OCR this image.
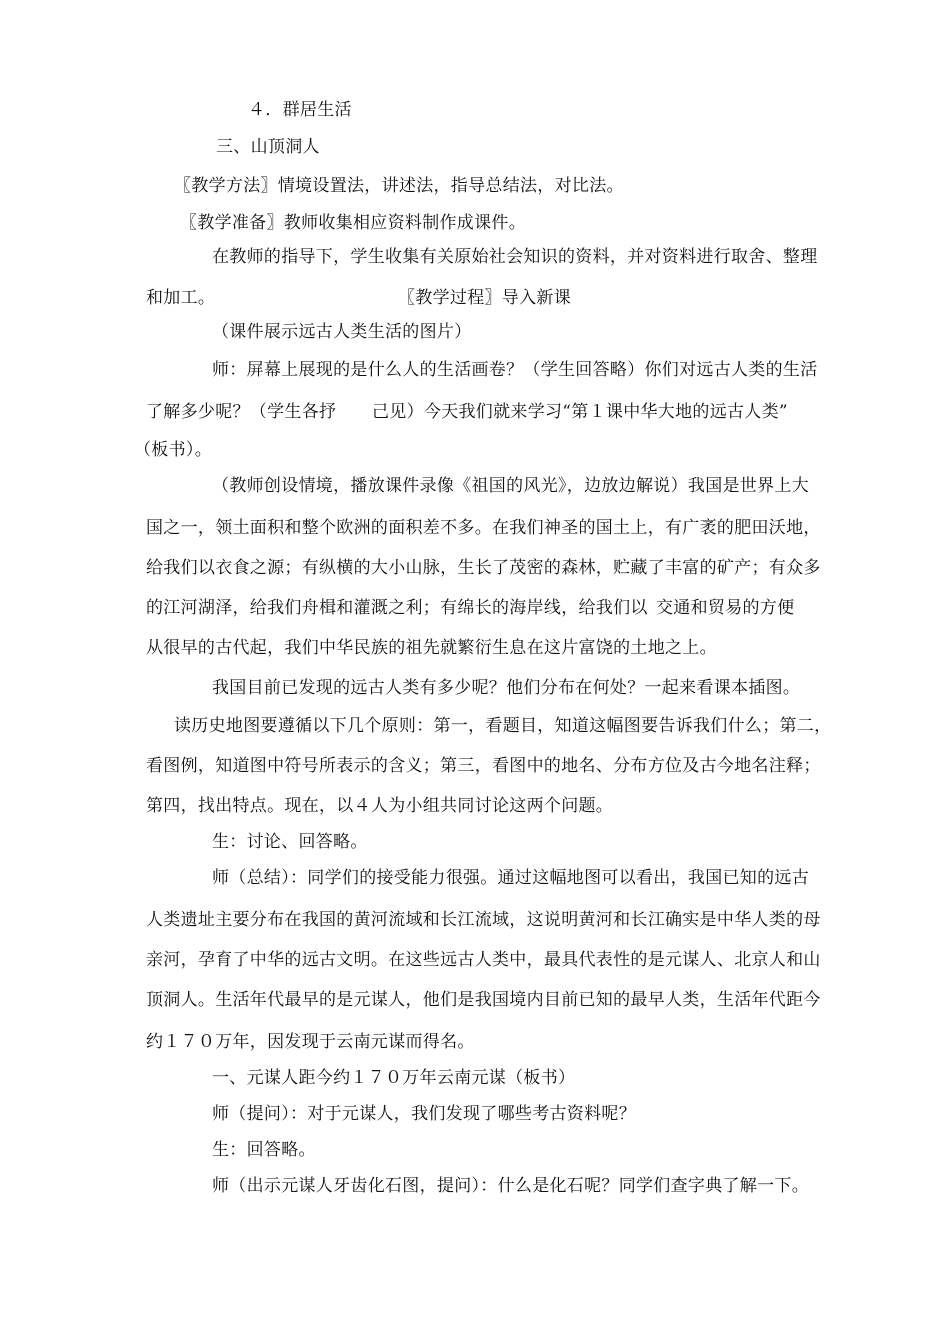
４．群居生活
三、山顶洞人
〖教学方法〗情境设置法，讲述法，指导总结法，对比法。
〖教学准备〗教师收集相应资料制作成课件。
在教师的指导下，学生收集有关原始社会知识的资料，并对资料进行取舍、整理
和加工。	〖教学过程〗导入新课
（课件展示远古人类生活的图片）
师：屏幕上展现的是什么人的生活画卷？（学生回答略）你们对远古人类的生活
了解多少呢？（学生各抒 己见）今天我们就来学习“第１课中华大地的远古人类”
（板书）。
（教师创设情境，播放课件录像《祖国的风光》，边放边解说）我国是世界上大
国之一，领土面积和整个欧洲的面积差不多。在我们神圣的国土上，有广袤的肥田沃地，
给我们以衣食之源；有纵横的大小山脉，生长了茂密的森林，贮藏了丰富的矿产；有众多
的江河湖泽，给我们舟楫和灌溉之利；有绵长的海岸线，给我们以 交通和贸易的方便
从很早的古代起，我们中华民族的祖先就繁衍生息在这片富饶的土地之上。
我国目前已发现的远古人类有多少呢？他们分布在何处？一起来看课本插图。
读历史地图要遵循以下几个原则：第一，看题目，知道这幅图要告诉我们什么；第二，
看图例，知道图中符号所表示的含义；第三，看图中的地名、分布方位及古今地名注释；
第四，找出特点。现在，以４人为小组共同讨论这两个问题。
生：讨论、回答略。
师（总结）：同学们的接受能力很强。通过这幅地图可以看出，我国已知的远古
人类遗址主要分布在我国的黄河流域和长江流域，这说明黄河和长江确实是中华人类的母
亲河，孕育了中华的远古文明。在这些远古人类中，最具代表性的是元谋人、北京人和山
顶洞人。生活年代最早的是元谋人，他们是我国境内目前已知的最早人类，生活年代距今
约１７０万年，因发现于云南元谋而得名。
一、元谋人距今约１７０万年云南元谋（板书）
师（提问）：对于元谋人，我们发现了哪些考古资料呢？
生：回答略。
师（出示元谋人牙齿化石图，提问）：什么是化石呢？同学们查字典了解一下。
